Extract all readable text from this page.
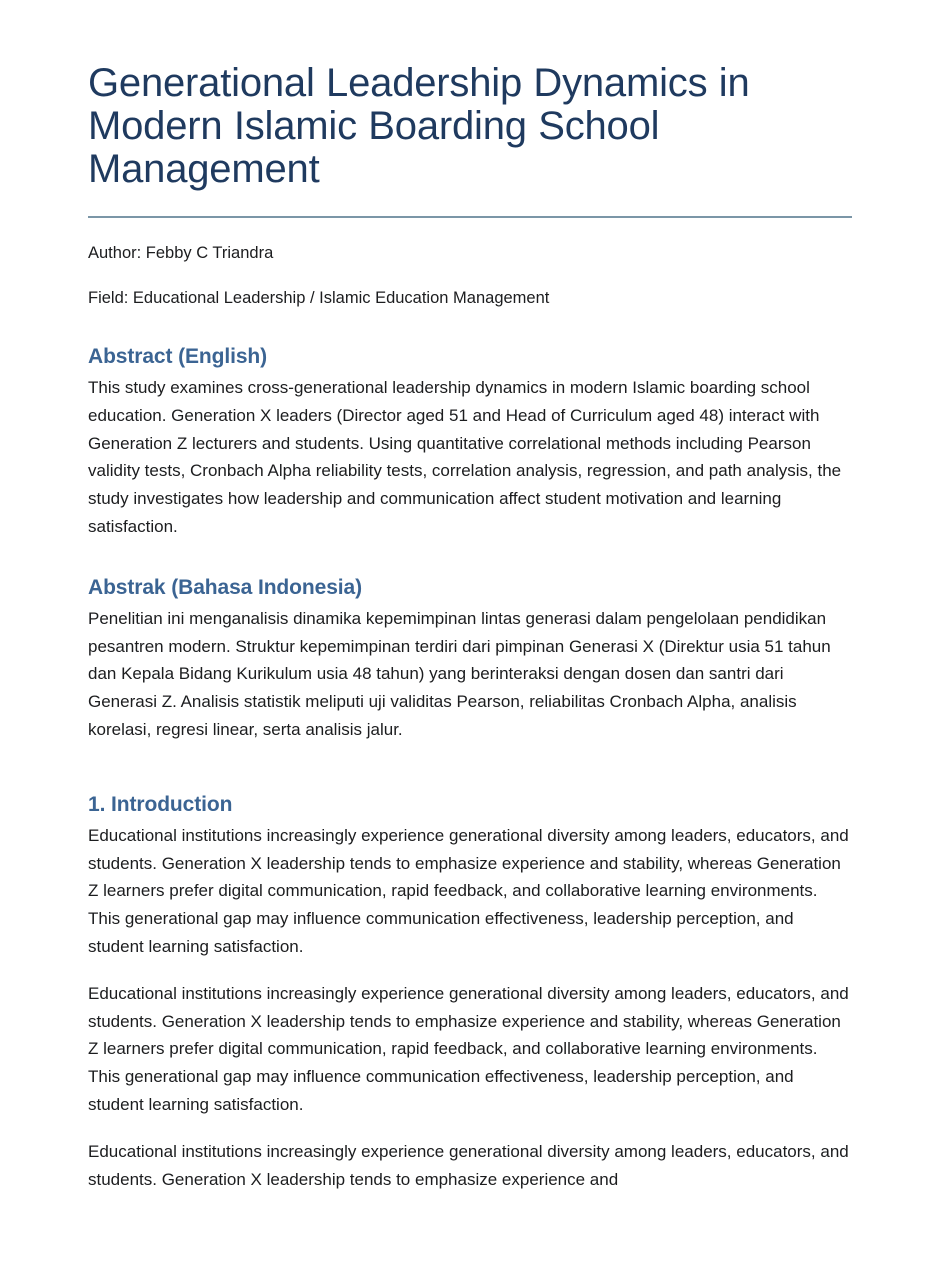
Generational Leadership Dynamics in Modern Islamic Boarding School Management

Author: Febby C Triandra

Field: Educational Leadership / Islamic Education Management

Abstract (English)

This study examines cross-generational leadership dynamics in modern Islamic boarding school education. Generation X leaders (Director aged 51 and Head of Curriculum aged 48) interact with Generation Z lecturers and students. Using quantitative correlational methods including Pearson validity tests, Cronbach Alpha reliability tests, correlation analysis, regression, and path analysis, the study investigates how leadership and communication affect student motivation and learning satisfaction.

Abstrak (Bahasa Indonesia)

Penelitian ini menganalisis dinamika kepemimpinan lintas generasi dalam pengelolaan pendidikan pesantren modern. Struktur kepemimpinan terdiri dari pimpinan Generasi X (Direktur usia 51 tahun dan Kepala Bidang Kurikulum usia 48 tahun) yang berinteraksi dengan dosen dan santri dari Generasi Z. Analisis statistik meliputi uji validitas Pearson, reliabilitas Cronbach Alpha, analisis korelasi, regresi linear, serta analisis jalur.

1. Introduction

Educational institutions increasingly experience generational diversity among leaders, educators, and students. Generation X leadership tends to emphasize experience and stability, whereas Generation Z learners prefer digital communication, rapid feedback, and collaborative learning environments. This generational gap may influence communication effectiveness, leadership perception, and student learning satisfaction.

Educational institutions increasingly experience generational diversity among leaders, educators, and students. Generation X leadership tends to emphasize experience and stability, whereas Generation Z learners prefer digital communication, rapid feedback, and collaborative learning environments. This generational gap may influence communication effectiveness, leadership perception, and student learning satisfaction.

Educational institutions increasingly experience generational diversity among leaders, educators, and students. Generation X leadership tends to emphasize experience and
